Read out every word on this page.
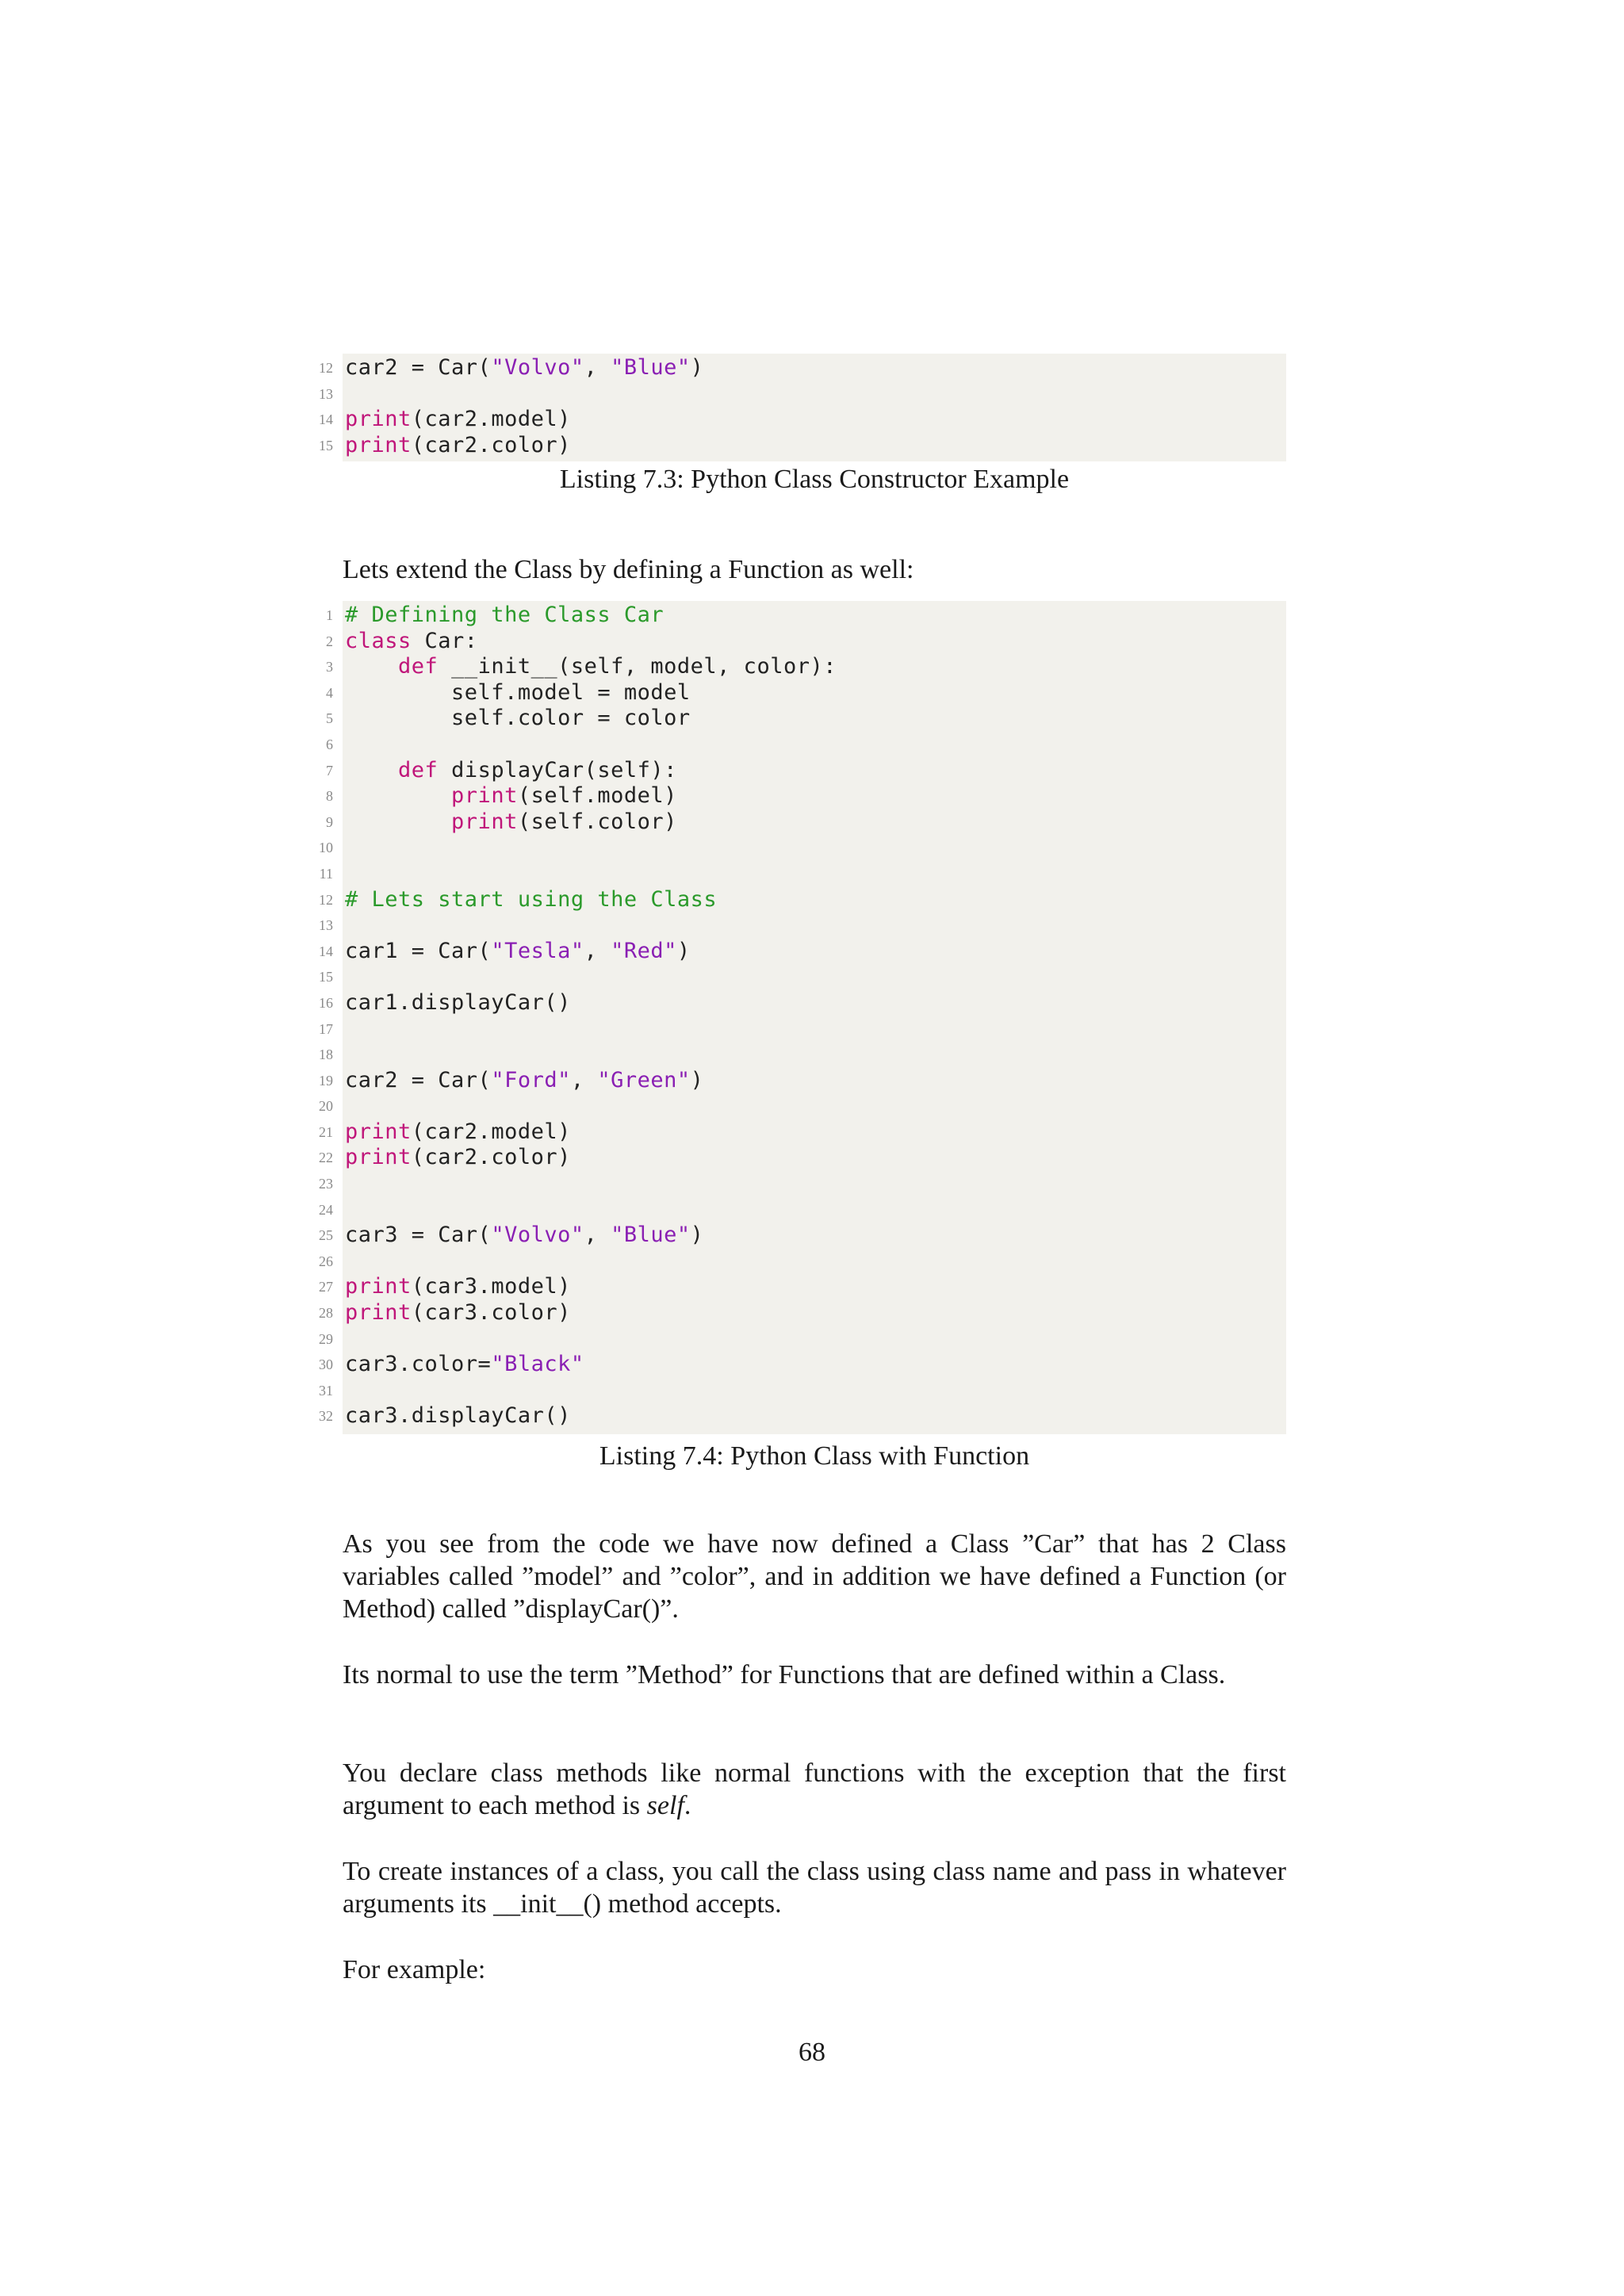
12 car2 = Car("Volvo", "Blue")
13
14 print(car2.model)
15 print(car2.color)
Listing 7.3: Python Class Constructor Example

Lets extend the Class by defining a Function as well:

1 # Defining the Class Car
2 class Car:
3	def __init__(self, model, color):
4 self.model = model
5 self.color = color
6
7	def displayCar(self):
8	print(self.model)
9	print(self.color)
10
11
12 # Lets start using the Class
13
14 car1 = Car("Tesla", "Red")
15
16 car1.displayCar()
17
18
19 car2 = Car("Ford", "Green")
20
21 print(car2.model)
22 print(car2.color)
23
24
25 car3 = Car("Volvo", "Blue")
26
27 print(car3.model)
28 print(car3.color)
29
30 car3.color="Black"
31
32 car3.displayCar()
Listing 7.4: Python Class with Function

As you see from the code we have now defined a Class ”Car” that has 2 Class variables called ”model” and ”color”, and in addition we have defined a Function (or Method) called ”displayCar()”.

Its normal to use the term ”Method” for Functions that are defined within a Class.

You declare class methods like normal functions with the exception that the first argument to each method is self.

To create instances of a class, you call the class using class name and pass in whatever arguments its __init__() method accepts.

For example:

68
